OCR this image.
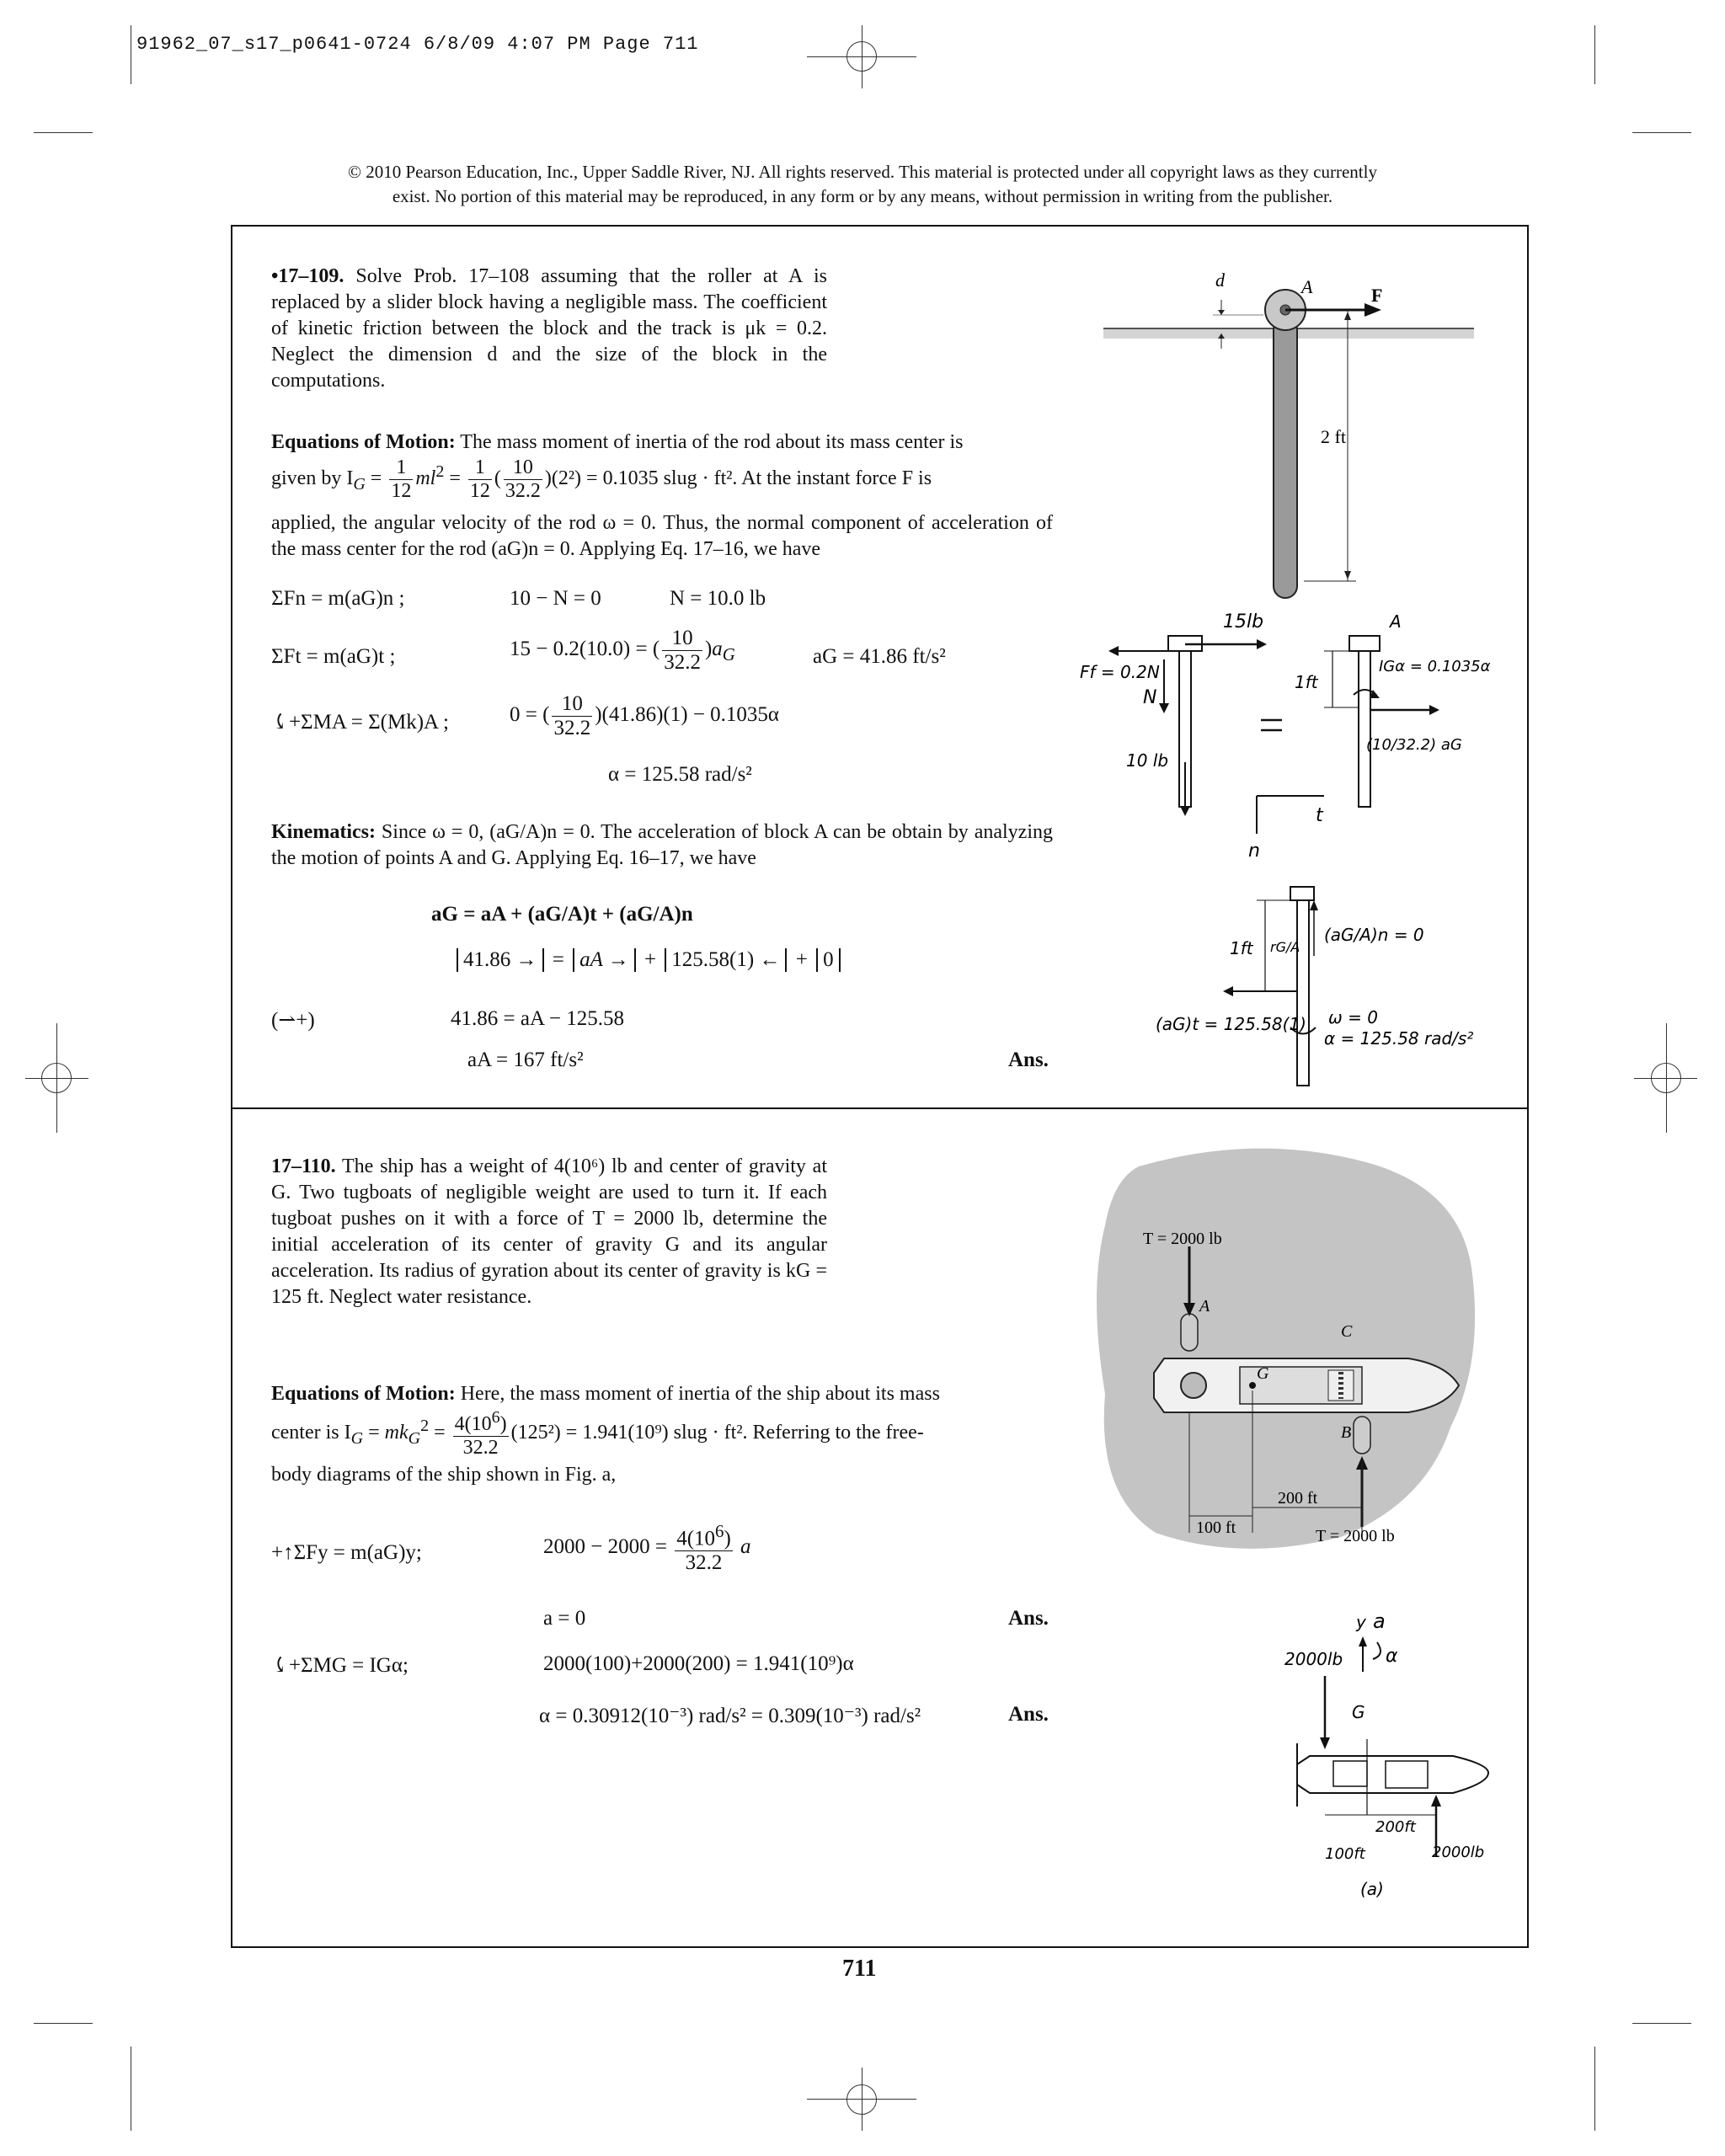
91962_07_s17_p0641-0724 6/8/09 4:07 PM Page 711
© 2010 Pearson Education, Inc., Upper Saddle River, NJ. All rights reserved. This material is protected under all copyright laws as they currently
exist. No portion of this material may be reproduced, in any form or by any means, without permission in writing from the publisher.
•17–109. Solve Prob. 17–108 assuming that the roller at A is replaced by a slider block having a negligible mass. The coefficient of kinetic friction between the block and the track is μk = 0.2. Neglect the dimension d and the size of the block in the computations.
d	A	F
2 ft
Equations of Motion: The mass moment of inertia of the rod about its mass center is
given by $I_G = \frac{1}{12} ml^2 = \frac{1}{12}$ ( $\frac{10}{32.2} )(2^2) = 0.1035$ slug · ft². At the instant force F is
applied, the angular velocity of the rod ω = 0. Thus, the normal component of acceleration of the mass center for the rod (aG)n = 0. Applying Eq. 17–16, we have
ΣFn = m(aG)n ;	10 − N = 0	N = 10.0 lb
ΣFt = m(aG)t ;	15 − 0.2(10.0) = ( $\frac{10}{32.2} )a_G$	aG = 41.86 ft/s²
⤹+ΣMA = Σ(Mk)A ;	0 = ( $\frac{10}{32.2} )(41.86)(1) - 0.1035\alpha$
α = 125.58 rad/s²
Kinematics: Since ω = 0, (aG/A)n = 0. The acceleration of block A can be obtain by analyzing the motion of points A and G. Applying Eq. 16–17, we have
aG = aA + (aG/A)t + (aG/A)n
41.86 → = aA → + 125.58(1) ← + 0
(⇀+)	41.86 = aA − 125.58
aA = 167 ft/s²	Ans.
15lb
Ff = 0.2N
N
10 lb
A
1ft
IGα = 0.1035α
(10/32.2) aG
t
n
1ft rG/A
(aG/A)n = 0
(aG)t = 125.58(1) ω = 0
α = 125.58 rad/s²
17–110. The ship has a weight of 4(10⁶) lb and center of gravity at G. Two tugboats of negligible weight are used to turn it. If each tugboat pushes on it with a force of T = 2000 lb, determine the initial acceleration of its center of gravity G and its angular acceleration. Its radius of gyration about its center of gravity is kG = 125 ft. Neglect water resistance.
T = 2000 lb
A
C
G
B
200 ft
100 ft	T = 2000 lb
Equations of Motion: Here, the mass moment of inertia of the ship about its mass
center is $I_G = mk_G^2 = \frac{4(10^6)}{32.2} (125^2) = 1.941(10^9)$ slug · ft². Referring to the free-
body diagrams of the ship shown in Fig. a,
+↑ΣFy = m(aG)y;	$2000 - 2000 = \frac{4(10^6)}{32.2}$ a
a = 0	Ans.
⤹+ΣMG = IGα;	2000(100)+2000(200) = 1.941(10⁹)α
α = 0.30912(10⁻³) rad/s² = 0.309(10⁻³) rad/s²	Ans.
y a
α
2000lb
G
200ft
100ft	2000lb
(a)
711
